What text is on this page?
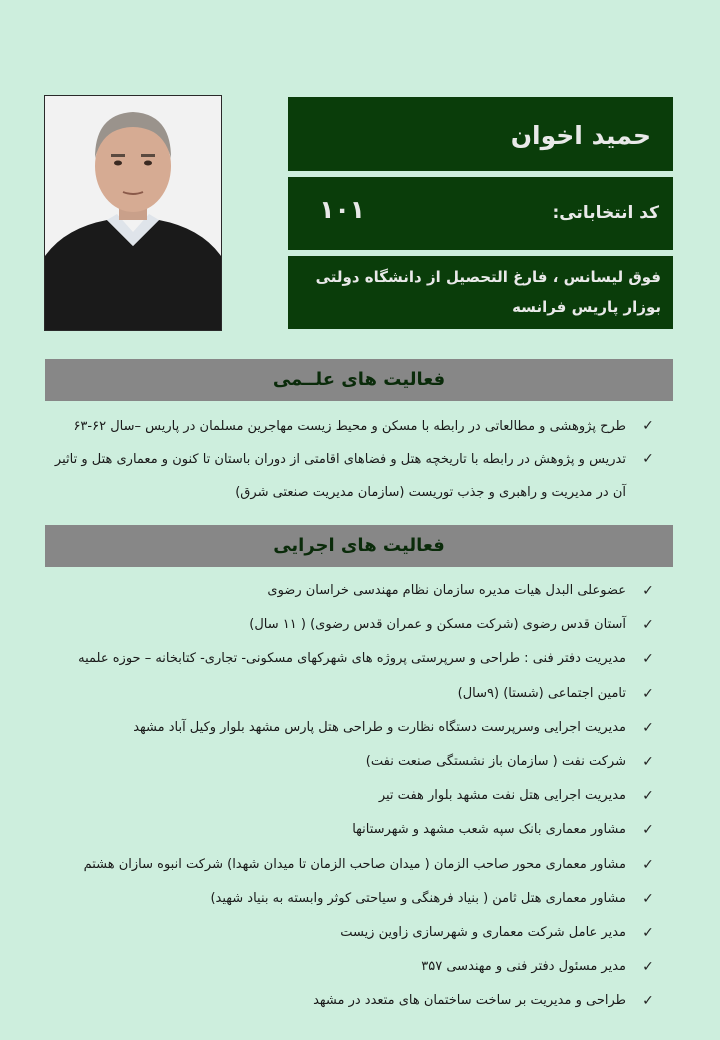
حمید اخوان
کد انتخاباتی:
۱۰۱
فوق لیسانس ، فارغ التحصیل از دانشگاه دولتی بوزار پاریس فرانسه
فعالیت های علــمی
✓
طرح پژوهشی و مطالعاتی در رابطه با مسکن و محیط زیست مهاجرین مسلمان در پاریس –سال ۶۲-۶۳
✓
تدریس و پژوهش در رابطه با تاریخچه هتل و فضاهای اقامتی از دوران باستان تا کنون و معماری هتل و تاثیر آن در مدیریت و راهبری و جذب توریست (سازمان مدیریت صنعتی شرق)
فعالیت های اجرایی
✓
عضوعلی البدل هیات مدیره سازمان نظام مهندسی خراسان رضوی
✓
آستان قدس رضوی (شرکت مسکن و عمران قدس رضوی) ( ۱۱ سال)
✓
مدیریت دفتر فنی : طراحی و سرپرستی پروژه های شهرکهای مسکونی- تجاری- کتابخانه – حوزه علمیه
✓
تامین اجتماعی (شستا) (۹سال)
✓
مدیریت اجرایی وسرپرست دستگاه نظارت و طراحی هتل پارس مشهد بلوار وکیل آباد مشهد
✓
شرکت نفت ( سازمان باز نشستگی صنعت نفت)
✓
مدیریت اجرایی هتل نفت مشهد بلوار هفت تیر
✓
مشاور معماری بانک سپه شعب مشهد و شهرستانها
✓
مشاور معماری محور صاحب الزمان ( میدان صاحب الزمان تا میدان شهدا) شرکت انبوه سازان هشتم
✓
مشاور معماری هتل ثامن ( بنیاد فرهنگی و سیاحتی کوثر وابسته به بنیاد شهید)
✓
مدیر عامل شرکت معماری و شهرسازی زاوین زیست
✓
مدیر مسئول دفتر فنی و مهندسی ۳۵۷
✓
طراحی و مدیریت بر ساخت ساختمان های متعدد در مشهد
